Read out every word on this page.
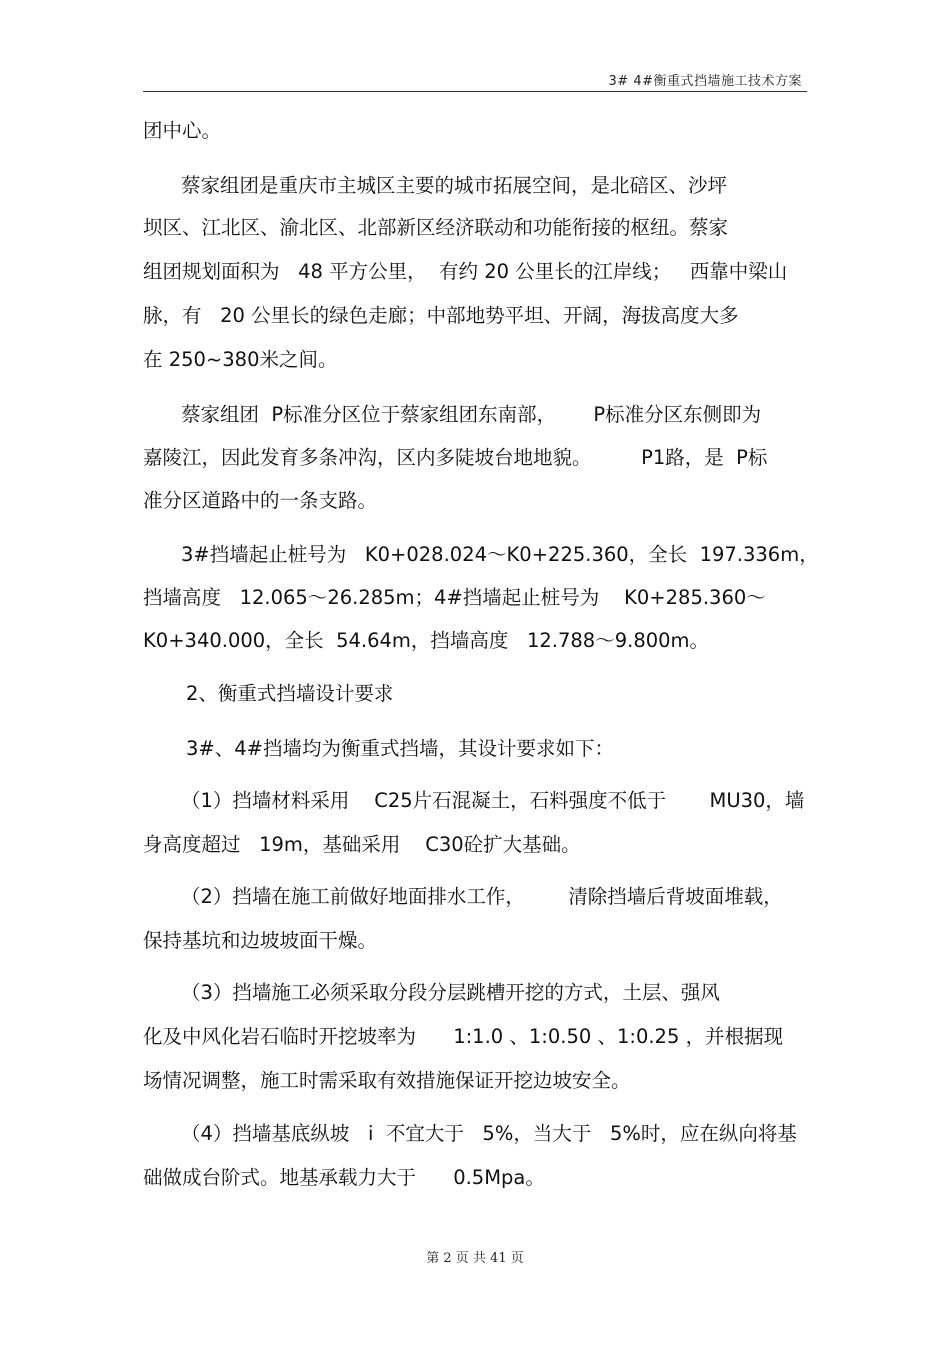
3# 4#衡重式挡墙施工技术方案
团中心。
蔡家组团是重庆市主城区主要的城市拓展空间，是北碚区、沙坪
坝区、江北区、渝北区、北部新区经济联动和功能衔接的枢纽。蔡家
组团规划面积为   48 平方公里，  有约 20 公里长的江岸线；   西靠中梁山
脉，有   20 公里长的绿色走廊；中部地势平坦、开阔，海拔高度大多
在 250~380米之间。
蔡家组团  P标准分区位于蔡家组团东南部，      P标准分区东侧即为
嘉陵江，因此发育多条冲沟，区内多陡坡台地地貌。        P1路，是  P标
准分区道路中的一条支路。
3#挡墙起止桩号为   K0+028.024～K0+225.360，全长  197.336m，
挡墙高度   12.065～26.285m；4#挡墙起止桩号为    K0+285.360～
K0+340.000，全长  54.64m，挡墙高度   12.788～9.800m。
2、衡重式挡墙设计要求
3#、4#挡墙均为衡重式挡墙，其设计要求如下：
（1）挡墙材料采用    C25片石混凝土，石料强度不低于       MU30，墙
身高度超过   19m，基础采用    C30砼扩大基础。
（2）挡墙在施工前做好地面排水工作，       清除挡墙后背坡面堆载，
保持基坑和边坡坡面干燥。
（3）挡墙施工必须采取分段分层跳槽开挖的方式，土层、强风
化及中风化岩石临时开挖坡率为      1:1.0 、1:0.50 、1:0.25 ，并根据现
场情况调整，施工时需采取有效措施保证开挖边坡安全。
（4）挡墙基底纵坡   i  不宜大于   5%，当大于   5%时，应在纵向将基
础做成台阶式。地基承载力大于      0.5Mpa。
第 2 页 共 41 页
